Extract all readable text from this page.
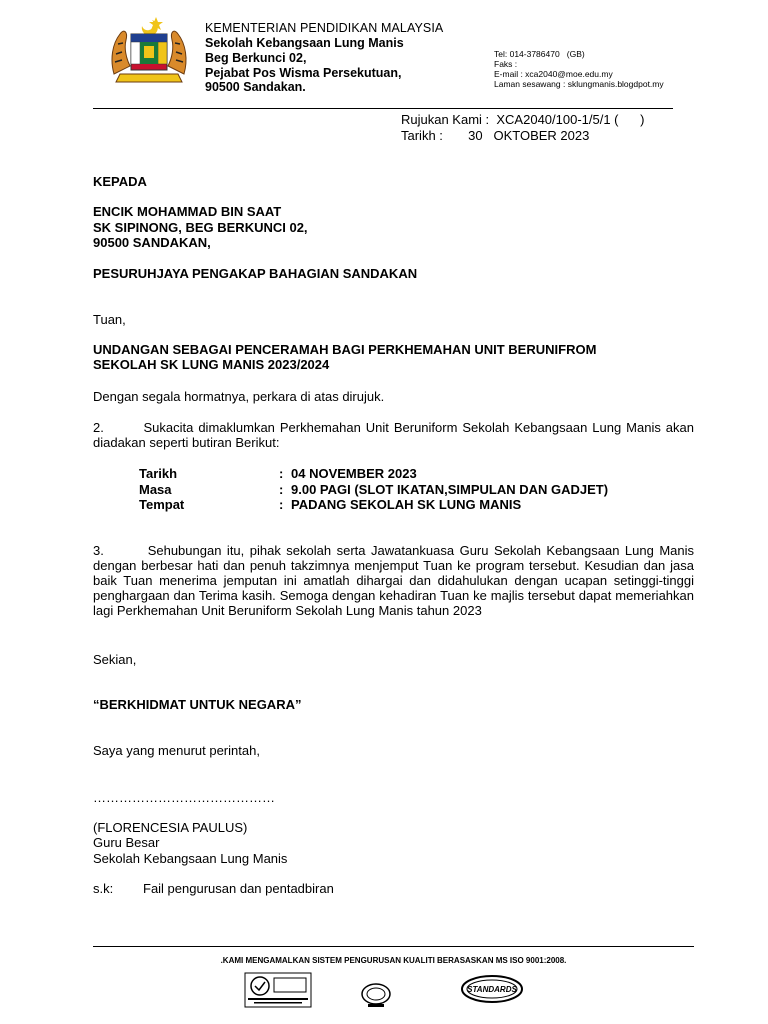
KEMENTERIAN PENDIDIKAN MALAYSIA
Sekolah Kebangsaan Lung Manis
Beg Berkunci 02,
Pejabat Pos Wisma Persekutuan,
90500 Sandakan.
Tel: 014-3786470   (GB)
Faks :
E-mail : xca2040@moe.edu.my
Laman sesawang : sklungmanis.blogdpot.my
Rujukan Kami :  XCA2040/100-1/5/1 (      )
Tarikh :       30   OKTOBER 2023
KEPADA
ENCIK MOHAMMAD BIN SAAT
SK SIPINONG, BEG BERKUNCI 02,
90500 SANDAKAN,
PESURUHJAYA PENGAKAP BAHAGIAN SANDAKAN
Tuan,
UNDANGAN SEBAGAI PENCERAMAH BAGI PERKHEMAHAN UNIT BERUNIFROM
SEKOLAH SK LUNG MANIS 2023/2024
Dengan segala hormatnya, perkara di atas dirujuk.
2.        Sukacita dimaklumkan Perkhemahan Unit Beruniform Sekolah Kebangsaan Lung Manis akan diadakan seperti butiran Berikut:
Tarikh	: 04 NOVEMBER 2023
Masa	: 9.00 PAGI (SLOT IKATAN,SIMPULAN DAN GADJET)
Tempat	: PADANG SEKOLAH SK LUNG MANIS
3.        Sehubungan itu, pihak sekolah serta Jawatankuasa Guru Sekolah Kebangsaan Lung Manis dengan berbesar hati dan penuh takzimnya menjemput Tuan ke program tersebut. Kesudian dan jasa baik Tuan menerima jemputan ini amatlah dihargai dan didahulukan dengan ucapan setinggi-tinggi penghargaan dan Terima kasih. Semoga dengan kehadiran Tuan ke majlis tersebut dapat memeriahkan lagi Perkhemahan Unit Beruniform Sekolah Lung Manis tahun 2023
Sekian,
“BERKHIDMAT UNTUK NEGARA”
Saya yang menurut perintah,
……………………………………
(FLORENCESIA PAULUS)
Guru Besar
Sekolah Kebangsaan Lung Manis
s.k:	Fail pengurusan dan pentadbiran
.KAMI MENGAMALKAN SISTEM PENGURUSAN KUALITI BERASASKAN MS ISO 9001:2008.
STANDARDS
